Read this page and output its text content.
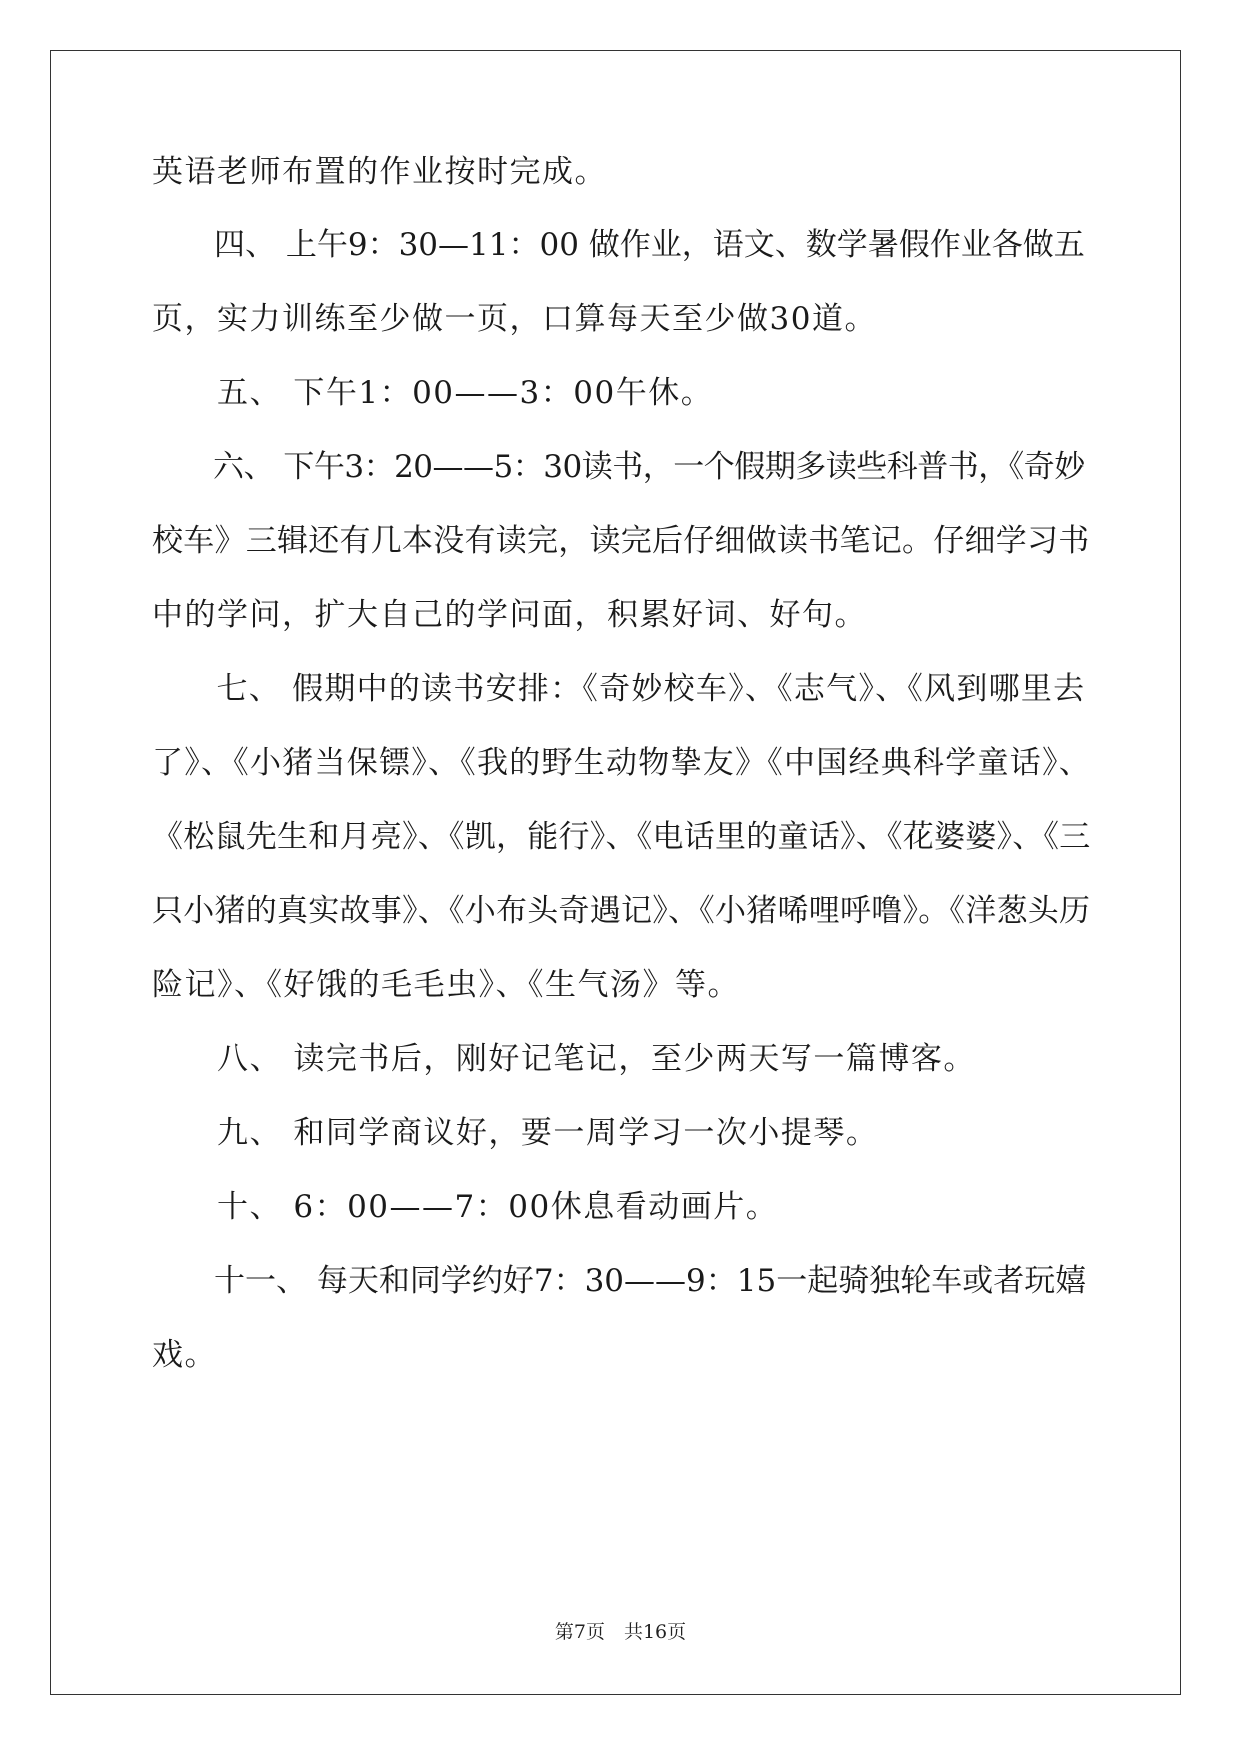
英语老师布置的作业按时完成。
　　四、 上午9：30—11：00 做作业，语文、数学暑假作业各做五
页，实力训练至少做一页，口算每天至少做30道。
　　五、 下午1：00——3：00午休。
　　六、 下午3：20——5：30读书，一个假期多读些科普书，《奇妙
校车》三辑还有几本没有读完，读完后仔细做读书笔记。仔细学习书
中的学问，扩大自己的学问面，积累好词、好句。
　　七、 假期中的读书安排：《奇妙校车》、《志气》、《风到哪里去
了》、《小猪当保镖》、《我的野生动物挚友》《中国经典科学童话》、
《松鼠先生和月亮》、《凯，能行》、《电话里的童话》、《花婆婆》、《三
只小猪的真实故事》、《小布头奇遇记》、《小猪唏哩呼噜》。《洋葱头历
险记》、《好饿的毛毛虫》、《生气汤》等。
　　八、 读完书后，刚好记笔记，至少两天写一篇博客。
　　九、 和同学商议好，要一周学习一次小提琴。
　　十、 6：00——7：00休息看动画片。
　　十一、 每天和同学约好7：30——9：15一起骑独轮车或者玩嬉
戏。
第7页　共16页
